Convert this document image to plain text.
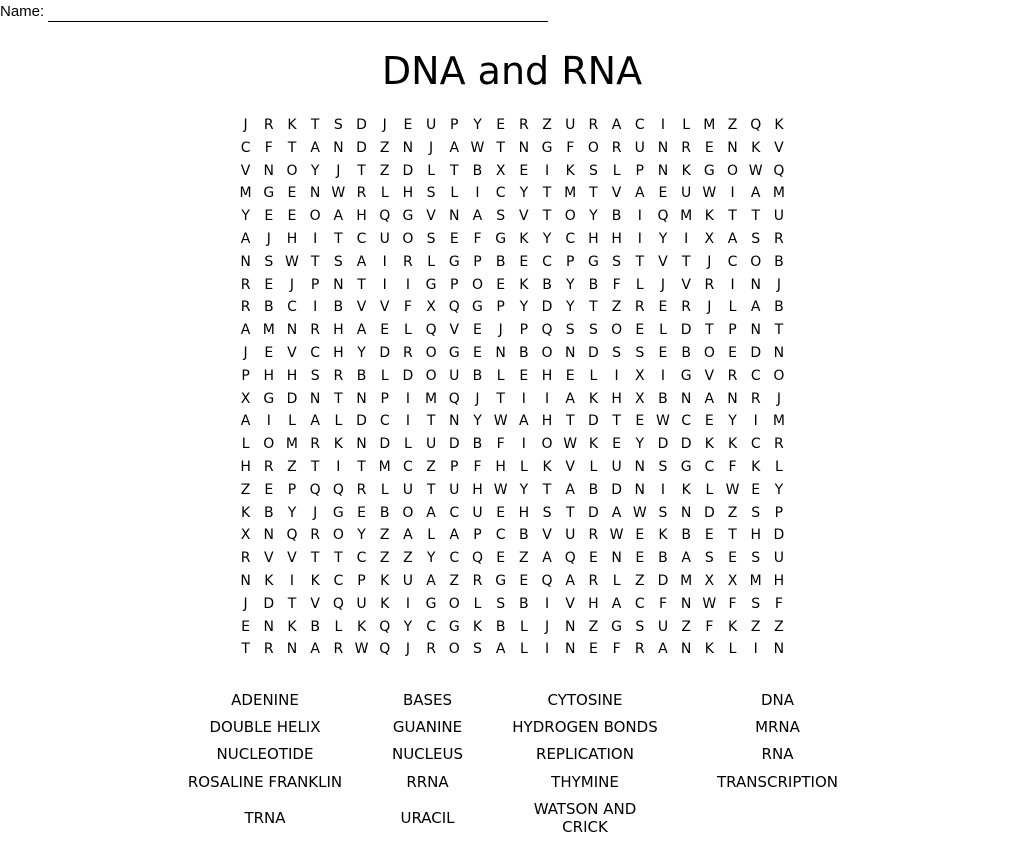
Name:
DNA and RNA
J	R K	T	S D	J	E U P	Y	E R Z U R A C	I	L M Z Q K
C	F	T	A N D Z N	J	A W T N G F O R U N R E N K V
V N O Y	J	T	Z D L	T	B X E	I	K	S	L	P N K G O W Q
M G E N W R	L	H S	L	I	C	Y	T M T	V A E U W	I	A M
Y	E	E O A H Q G V N A S V	T O Y	B	I	Q M K	T	T U
A	J	H	I	T	C U O S	E	F G K	Y	C H H	I	Y	I	X A S R
N S W T	S A	I	R	L G P	B E C	P G S	T	V	T	J	C O B
R E	J	P N T	I	I	G P O E	K B	Y	B	F	L	J	V R	I	N	J
R B C	I	B V V	F	X Q G P	Y D Y	T	Z R E R	J	L	A B
A M N R H A E	L Q V E	J	P Q S	S O E	L D T	P N T
J	E V C H Y D R O G E N B O N D S	S	E B O E D N
P H H S R B	L D O U B	L	E H E	L	I	X	I	G V R C O
X G D N T N P	I	M Q	J	T	I	I	A K H X B N A N R	J
A	I	L	A	L D C	I	T N Y W A H T D T	E W C E	Y	I	M
L O M R K N D L	U D B	F	I	O W K	E	Y D D K	K C R
H R Z	T	I	T M C Z	P	F H	L	K V	L	U N S G C	F	K	L
Z E	P Q Q R	L	U T U H W Y	T	A B D N	I	K	L W E	Y
K B	Y	J	G E B O A C U E H S	T D A W S N D Z S	P
X N Q R O Y	Z A	L	A	P	C B V U R W E	K B E	T H D
R V V	T	T	C Z Z	Y	C Q E Z A Q E N E B A S	E	S U
N K	I	K C	P	K U A Z R G E Q A R	L	Z D M X X M H
J	D T	V Q U K	I	G O L	S B	I	V H A C	F N W F	S	F
E N K B	L	K Q Y	C G K B	L	J	N Z G S U Z	F	K Z Z
T	R N A R W Q	J	R O S A	L	I	N E	F	R A N K	L	I	N
ADENINE	BASES	CYTOSINE	DNA
DOUBLE HELIX	GUANINE	HYDROGEN BONDS	MRNA
NUCLEOTIDE	NUCLEUS	REPLICATION	RNA
ROSALINE FRANKLIN	RRNA	THYMINE	TRANSCRIPTION
TRNA	URACIL	WATSON AND CRICK
